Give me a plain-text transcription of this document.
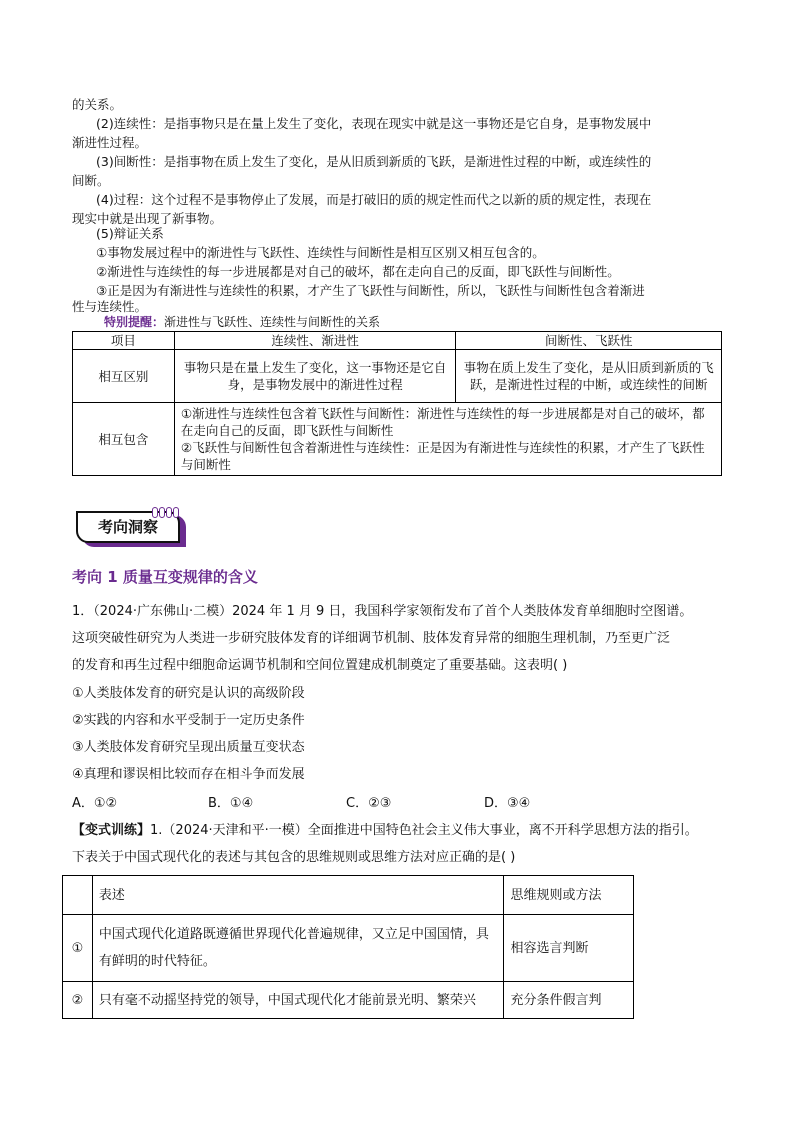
的关系。
(2)连续性：是指事物只是在量上发生了变化，表现在现实中就是这一事物还是它自身，是事物发展中
渐进性过程。
(3)间断性：是指事物在质上发生了变化，是从旧质到新质的飞跃，是渐进性过程的中断，或连续性的
间断。
(4)过程：这个过程不是事物停止了发展，而是打破旧的质的规定性而代之以新的质的规定性，表现在
现实中就是出现了新事物。
(5)辩证关系
①事物发展过程中的渐进性与飞跃性、连续性与间断性是相互区别又相互包含的。
②渐进性与连续性的每一步进展都是对自己的破坏，都在走向自己的反面，即飞跃性与间断性。
③正是因为有渐进性与连续性的积累，才产生了飞跃性与间断性，所以，飞跃性与间断性包含着渐进
性与连续性。
特别提醒：渐进性与飞跃性、连续性与间断性的关系
项目	连续性、渐进性	间断性、飞跃性
相互区别	事物只是在量上发生了变化，这一事物还是它自身，是事物发展中的渐进性过程	事物在质上发生了变化，是从旧质到新质的飞跃，是渐进性过程的中断，或连续性的间断
相互包含	①渐进性与连续性包含着飞跃性与间断性：渐进性与连续性的每一步进展都是对自己的破坏，都在走向自己的反面，即飞跃性与间断性
②飞跃性与间断性包含着渐进性与连续性：正是因为有渐进性与连续性的积累，才产生了飞跃性与间断性	
考向洞察
考向 1 质量互变规律的含义
1．（2024·广东佛山·二模）2024 年 1 月 9 日，我国科学家领衔发布了首个人类肢体发育单细胞时空图谱。
这项突破性研究为人类进一步研究肢体发育的详细调节机制、肢体发育异常的细胞生理机制，乃至更广泛
的发育和再生过程中细胞命运调节机制和空间位置建成机制奠定了重要基础。这表明( )
①人类肢体发育的研究是认识的高级阶段
②实践的内容和水平受制于一定历史条件
③人类肢体发育研究呈现出质量互变状态
④真理和谬误相比较而存在相斗争而发展
A．①②	B．①④	C．②③	D．③④
【变式训练】1.（2024·天津和平·一模）全面推进中国特色社会主义伟大事业，离不开科学思想方法的指引。
下表关于中国式现代化的表述与其包含的思维规则或思维方法对应正确的是( )
	表述	思维规则或方法
①	中国式现代化道路既遵循世界现代化普遍规律，又立足中国国情，具有鲜明的时代特征。	相容选言判断
②	只有毫不动摇坚持党的领导，中国式现代化才能前景光明、繁荣兴	充分条件假言判
